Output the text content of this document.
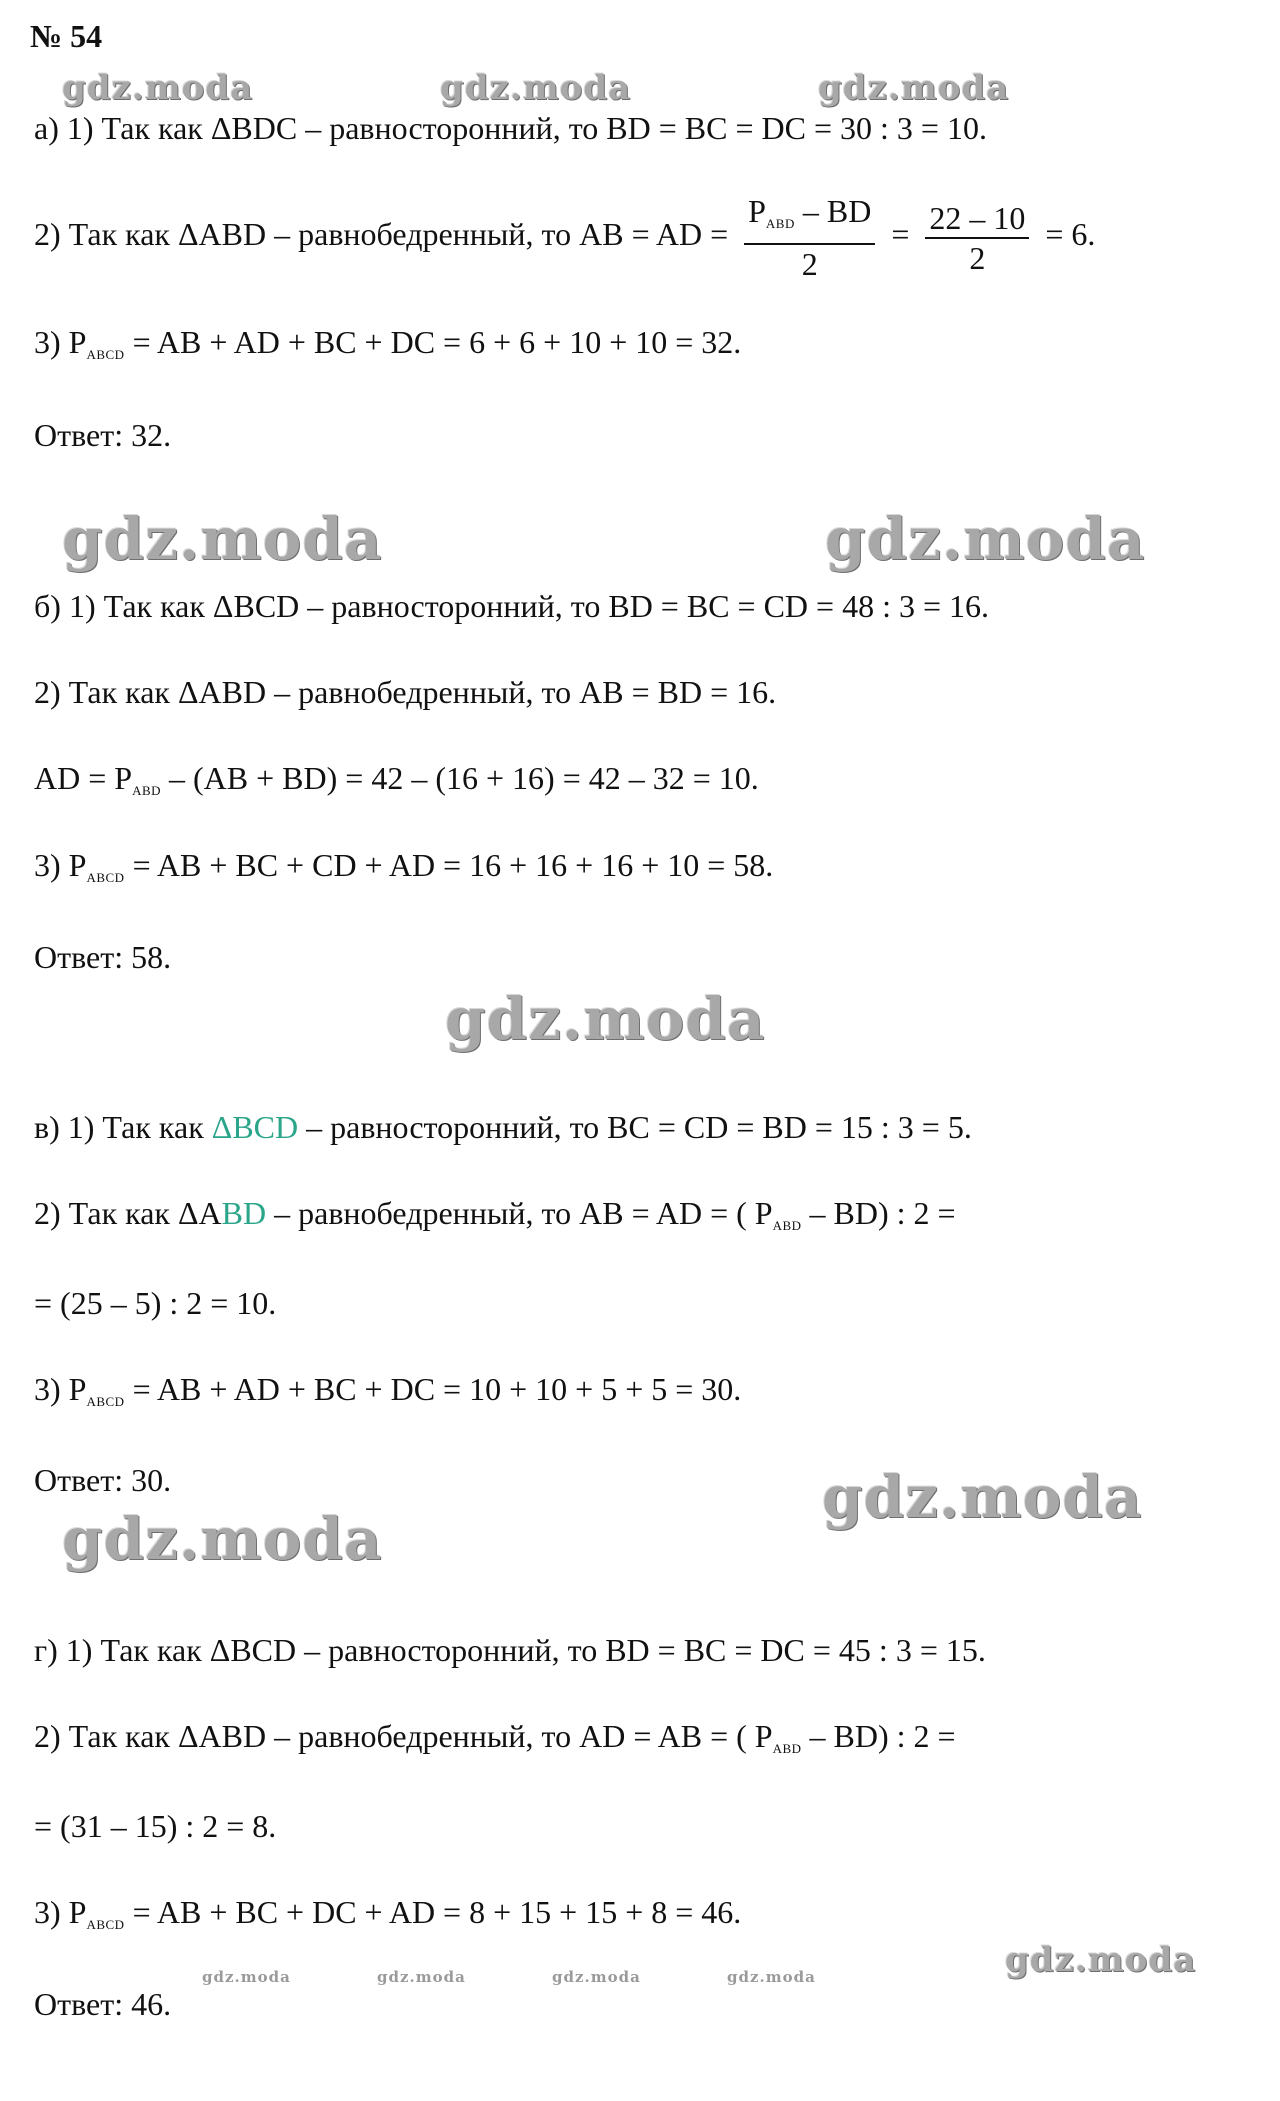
gdz.moda	gdz.moda	gdz.moda
gdz.moda	gdz.moda
gdz.moda
gdz.moda
gdz.moda
gdz.moda
gdz.moda	gdz.moda	gdz.moda	gdz.moda
№ 54
а) 1) Так как ΔBDC – равносторонний, то BD = BC = DC = 30 : 3 = 10.
2) Так как ΔABD – равнобедренный, то AB = AD = $\frac{P_{ABD} - BD}{2} = \frac{22 - 10}{2} = 6$.
3) $P_{ABCD}$ = AB + AD + BC + DC = 6 + 6 + 10 + 10 = 32.
Ответ: 32.
б) 1) Так как ΔBCD – равносторонний, то BD = BC = CD = 48 : 3 = 16.
2) Так как ΔABD – равнобедренный, то AB = BD = 16.
AD = $P_{ABD} - (AB + BD) = 42 - (16 + 16) = 42 - 32 = 10$.
3) $P_{ABCD}$ = AB + BC + CD + AD = 16 + 16 + 16 + 10 = 58.
Ответ: 58.
в) 1) Так как ΔBCD – равносторонний, то BC = CD = BD = 15 : 3 = 5.
2) Так как ΔABD – равнобедренный, то AB = AD = ( $P_{ABD} - BD$) : 2 =
= (25 – 5) : 2 = 10.
3) $P_{ABCD}$ = AB + AD + BC + DC = 10 + 10 + 5 + 5 = 30.
Ответ: 30.
г) 1) Так как ΔBCD – равносторонний, то BD = BC = DC = 45 : 3 = 15.
2) Так как ΔABD – равнобедренный, то AD = AB = ( $P_{ABD} - BD$) : 2 =
= (31 – 15) : 2 = 8.
3) $P_{ABCD}$ = AB + BC + DC + AD = 8 + 15 + 15 + 8 = 46.
Ответ: 46.
